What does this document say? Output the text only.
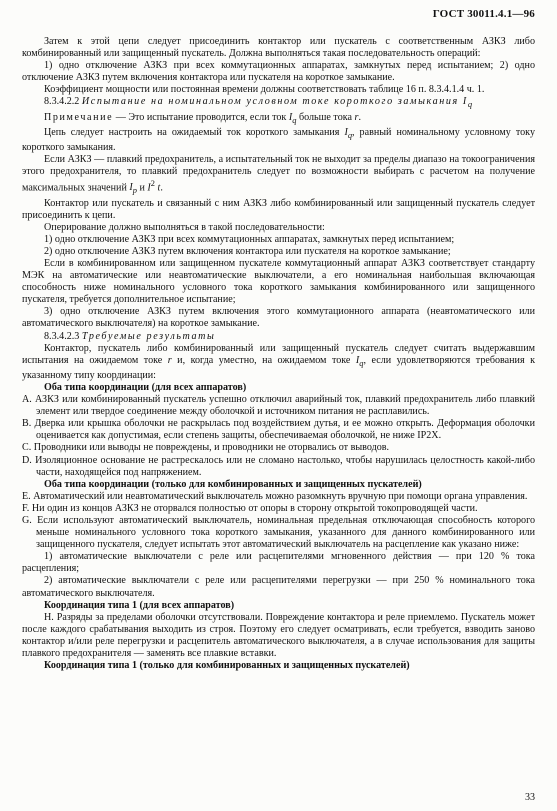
ГОСТ 30011.4.1—96

Затем к этой цепи следует присоединить контактор или пускатель с соответственным АЗКЗ либо комбинированный или защищенный пускатель. Должна выполняться такая последовательность операций:

1) одно отключение АЗКЗ при всех коммутационных аппаратах, замкнутых перед испытанием; 2) одно отключение АЗКЗ путем включения контактора или пускателя на короткое замыкание.

Коэффициент мощности или постоянная времени должны соответствовать таблице 16 п. 8.3.4.1.4 ч. 1.

8.3.4.2.2 Испытание на номинальном условном токе короткого замыкания $I_q$

Примечание — Это испытание проводится, если ток $I_q$ больше тока r.

Цепь следует настроить на ожидаемый ток короткого замыкания $I_q$, равный номинальному условному току короткого замыкания.

Если АЗКЗ — плавкий предохранитель, а испытательный ток не выходит за пределы диапазо на токоограничения этого предохранителя, то плавкий предохранитель следует по возможности выбирать с расчетом на получение максимальных значений $I_p$ и $I^2$ t.

Контактор или пускатель и связанный с ним АЗКЗ либо комбинированный или защищенный пускатель следует присоединить к цепи.

Оперирование должно выполняться в такой последовательности:

1) одно отключение АЗКЗ при всех коммутационных аппаратах, замкнутых перед испытанием;

2) одно отключение АЗКЗ путем включения контактора или пускателя на короткое замыкание;

Если в комбинированном или защищенном пускателе коммутационный аппарат АЗКЗ соответствует стандарту МЭК на автоматические или неавтоматические выключатели, а его номинальная наибольшая включающая способность ниже номинального условного тока короткого замыкания комбинированного или защищенного пускателя, требуется дополнительное испытание;

3) одно отключение АЗКЗ путем включения этого коммутационного аппарата (неавтоматического или автоматического выключателя) на короткое замыкание.

8.3.4.2.3 Требуемые результаты

Контактор, пускатель либо комбинированный или защищенный пускатель следует считать выдержавшим испытания на ожидаемом токе r и, когда уместно, на ожидаемом токе $I_q$, если удовлетворяются требования к указанному типу координации:

Оба типа координации (для всех аппаратов)

A. АЗКЗ или комбинированный пускатель успешно отключил аварийный ток, плавкий предохранитель либо плавкий элемент или твердое соединение между оболочкой и источником питания не расплавились.

B. Дверка или крышка оболочки не раскрылась под воздействием дутья, и ее можно открыть. Деформация оболочки оценивается как допустимая, если степень защиты, обеспечиваемая оболочкой, не ниже IP2X.

C. Проводники или выводы не повреждены, и проводники не оторвались от выводов.

D. Изоляционное основание не растрескалось или не сломано настолько, чтобы нарушилась целостность какой-либо части, находящейся под напряжением.

Оба типа координации (только для комбинированных и защищенных пускателей)

E. Автоматический или неавтоматический выключатель можно разомкнуть вручную при помощи органа управления.

F. Ни один из концов АЗКЗ не оторвался полностью от опоры в сторону открытой токопроводящей части.

G. Если используют автоматический выключатель, номинальная предельная отключающая способность которого меньше номинального условного тока короткого замыкания, указанного для данного комбинированного или защищенного пускателя, следует испытать этот автоматический выключатель на расцепление как указано ниже:

1) автоматические выключатели с реле или расцепителями мгновенного действия — при 120 % тока расцепления;

2) автоматические выключатели с реле или расцепителями перегрузки — при 250 % номинального тока автоматического выключателя.

Координация типа 1 (для всех аппаратов)

H. Разряды за пределами оболочки отсутствовали. Повреждение контактора и реле приемлемо. Пускатель может после каждого срабатывания выходить из строя. Поэтому его следует осматривать, если требуется, взводить заново контактор и/или реле перегрузки и расцепитель автоматического выключателя, а в случае использования для защиты плавкого предохранителя — заменять все плавкие вставки.

Координация типа 1 (только для комбинированных и защищенных пускателей)

33
